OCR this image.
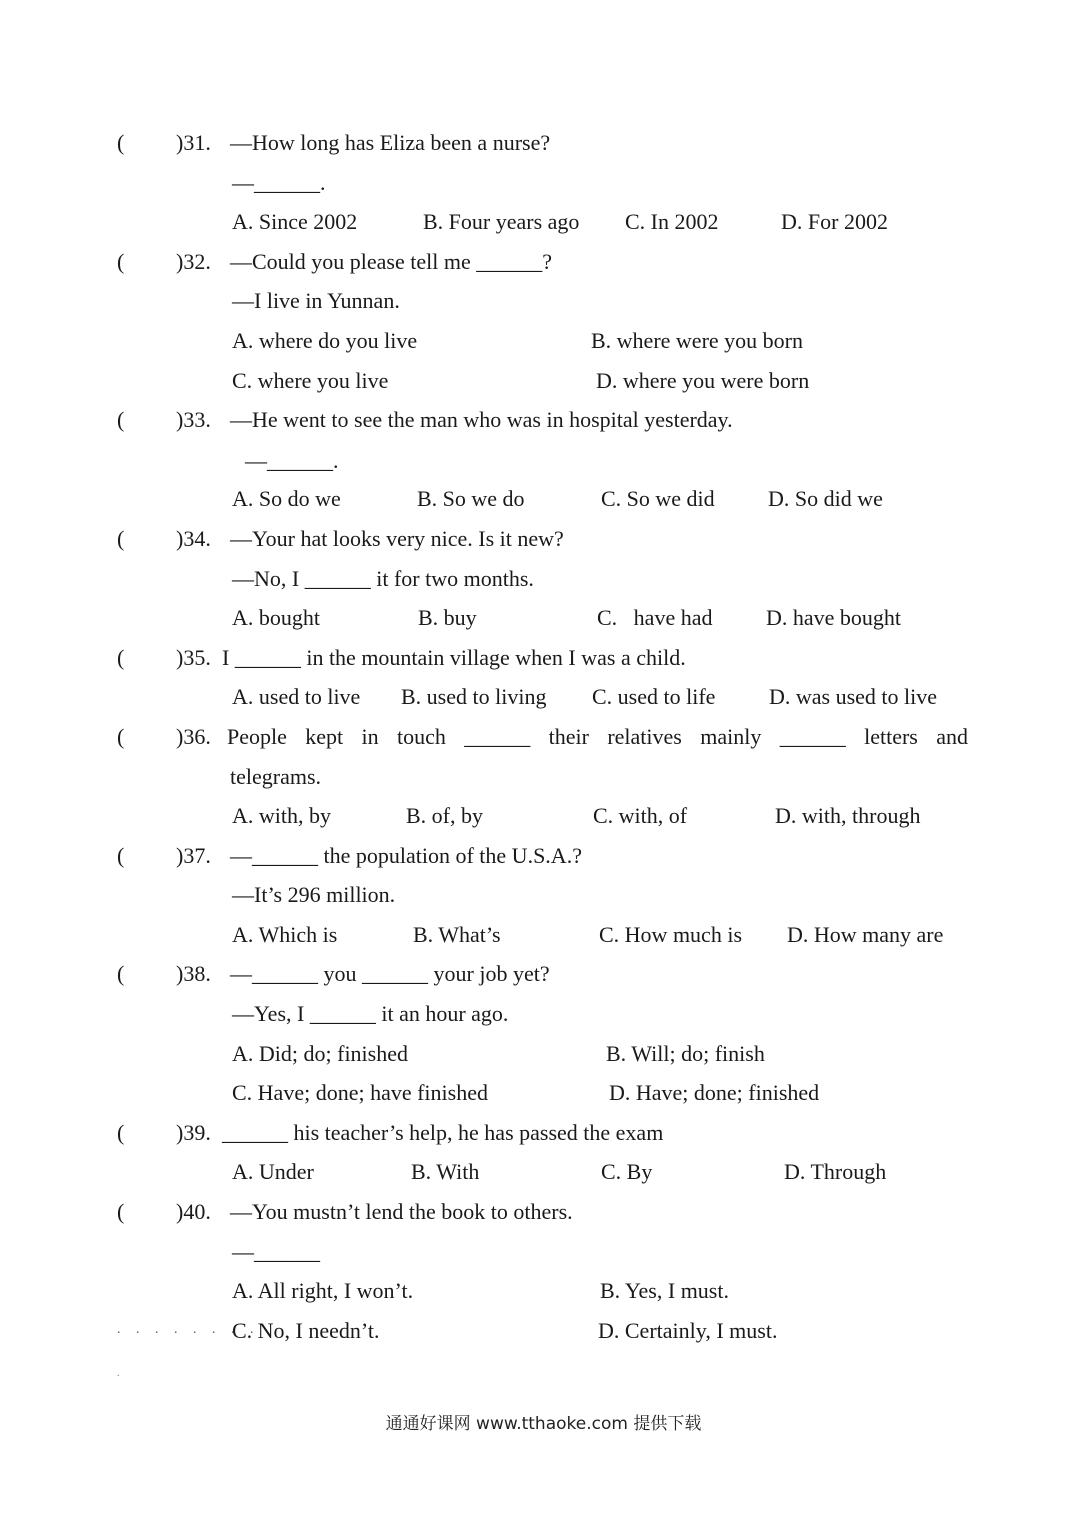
( )31. —How long has Eliza been a nurse?
—______.
A. Since 2002	B. Four years ago C. In 2002	D. For 2002
( )32. —Could you please tell me ______?
—I live in Yunnan.
A. where do you live	B. where were you born
C. where you live	D. where you were born
( )33. —He went to see the man who was in hospital yesterday.
—______.
A. So do we	B. So we do	C. So we did D. So did we
( )34. —Your hat looks very nice. Is it new?
—No, I ______ it for two months.
A. bought	B. buy	C.   have had D. have bought
( )35. I ______ in the mountain village when I was a child.
A. used to live B. used to living C. used to life D. was used to live
( )36. People kept in touch ______ their relatives mainly ______ letters and
telegrams.
A. with, by	B. of, by	C. with, of	D. with, through
( )37. —______ the population of the U.S.A.?
—It’s 296 million.
A. Which is	B. What’s	C. How much is D. How many are
( )38. —______ you ______ your job yet?
—Yes, I ______ it an hour ago.
A. Did; do; finished	B. Will; do; finish
C. Have; done; have finished	D. Have; done; finished
( )39. ______ his teacher’s help, he has passed the exam
A. Under	B. With	C. By	D. Through
( )40. —You mustn’t lend the book to others.
—______
A. All right, I won’t.	B. Yes, I must.
C. No, I needn’t.	D. Certainly, I must.
. . . . . . . .
.
通通好课网 www.tthaoke.com 提供下载
